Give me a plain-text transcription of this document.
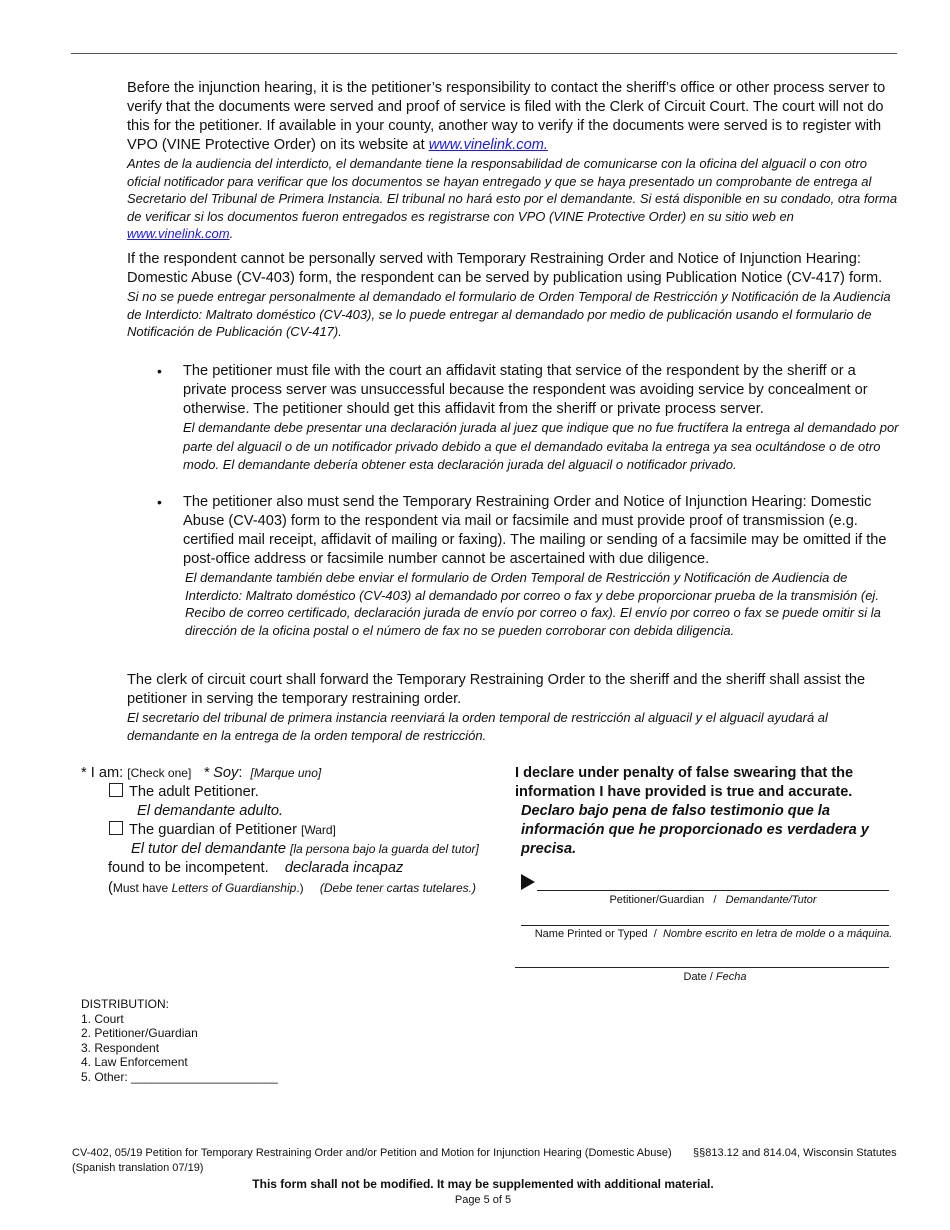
Before the injunction hearing, it is the petitioner’s responsibility to contact the sheriff’s office or other process server to verify that the documents were served and proof of service is filed with the Clerk of Circuit Court. The court will not do this for the petitioner. If available in your county, another way to verify if the documents were served is to register with VPO (VINE Protective Order) on its website at www.vinelink.com.
Antes de la audiencia del interdicto, el demandante tiene la responsabilidad de comunicarse con la oficina del alguacil o con otro oficial notificador para verificar que los documentos se hayan entregado y que se haya presentado un comprobante de entrega al Secretario del Tribunal de Primera Instancia. El tribunal no hará esto por el demandante. Si está disponible en su condado, otra forma de verificar si los documentos fueron entregados es registrarse con VPO (VINE Protective Order) en su sitio web en www.vinelink.com.
If the respondent cannot be personally served with Temporary Restraining Order and Notice of Injunction Hearing: Domestic Abuse (CV-403) form, the respondent can be served by publication using Publication Notice (CV-417) form.
Si no se puede entregar personalmente al demandado el formulario de Orden Temporal de Restricción y Notificación de la Audiencia de Interdicto: Maltrato doméstico (CV-403), se lo puede entregar al demandado por medio de publicación usando el formulario de Notificación de Publicación (CV-417).
• The petitioner must file with the court an affidavit stating that service of the respondent by the sheriff or a private process server was unsuccessful because the respondent was avoiding service by concealment or otherwise. The petitioner should get this affidavit from the sheriff or private process server.
El demandante debe presentar una declaración jurada al juez que indique que no fue fructífera la entrega al demandado por parte del alguacil o de un notificador privado debido a que el demandado evitaba la entrega ya sea ocultándose o de otro modo. El demandante debería obtener esta declaración jurada del alguacil o notificador privado.
• The petitioner also must send the Temporary Restraining Order and Notice of Injunction Hearing: Domestic Abuse (CV-403) form to the respondent via mail or facsimile and must provide proof of transmission (e.g. certified mail receipt, affidavit of mailing or faxing). The mailing or sending of a facsimile may be omitted if the post-office address or facsimile number cannot be ascertained with due diligence.
El demandante también debe enviar el formulario de Orden Temporal de Restricción y Notificación de Audiencia de Interdicto: Maltrato doméstico (CV-403) al demandado por correo o fax y debe proporcionar prueba de la transmisión (ej. Recibo de correo certificado, declaración jurada de envío por correo o fax). El envío por correo o fax se puede omitir si la dirección de la oficina postal o el número de fax no se pueden corroborar con debida diligencia.
The clerk of circuit court shall forward the Temporary Restraining Order to the sheriff and the sheriff shall assist the petitioner in serving the temporary restraining order.
El secretario del tribunal de primera instancia reenviará la orden temporal de restricción al alguacil y el alguacil ayudará al demandante en la entrega de la orden temporal de restricción.
* I am: [Check one] * Soy: [Marque uno]
The adult Petitioner.
El demandante adulto.
The guardian of Petitioner [Ward]
El tutor del demandante [la persona bajo la guarda del tutor]
found to be incompetent. declarada incapaz
(Must have Letters of Guardianship.) (Debe tener cartas tutelares.)
I declare under penalty of false swearing that the information I have provided is true and accurate.
Declaro bajo pena de falso testimonio que la información que he proporcionado es verdadera y precisa.
Petitioner/Guardian / Demandante/Tutor
Name Printed or Typed / Nombre escrito en letra de molde o a máquina.
Date / Fecha
DISTRIBUTION:
1. Court
2. Petitioner/Guardian
3. Respondent
4. Law Enforcement
5. Other: ______________________
CV-402, 05/19 Petition for Temporary Restraining Order and/or Petition and Motion for Injunction Hearing (Domestic Abuse) §§813.12 and 814.04, Wisconsin Statutes
(Spanish translation 07/19)
This form shall not be modified. It may be supplemented with additional material.
Page 5 of 5
